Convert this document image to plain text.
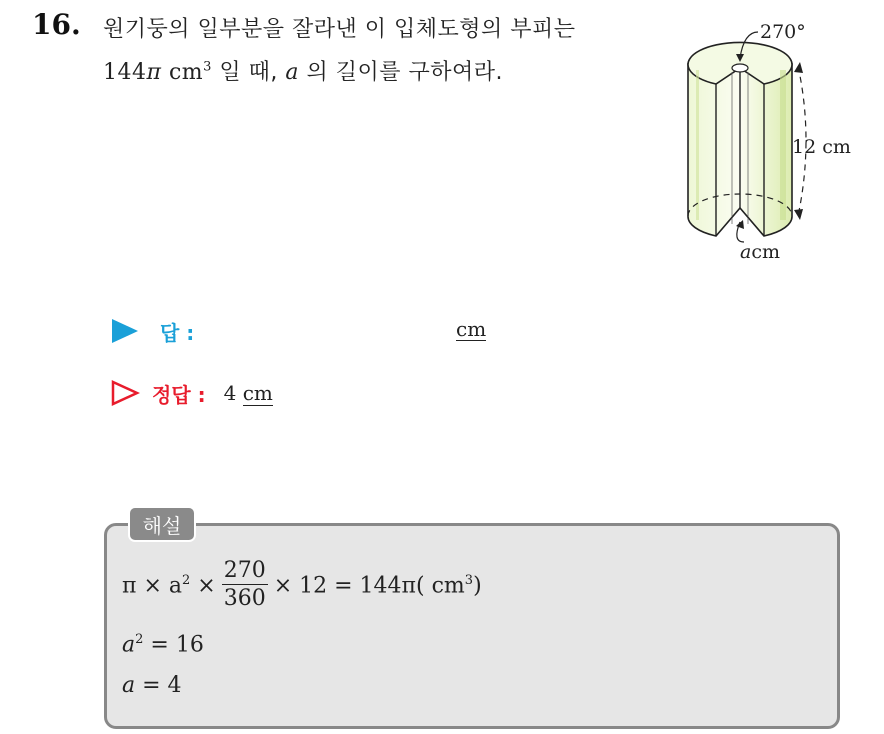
16. 원기둥의 일부분을 잘라낸 이 입체도형의 부피는
144π $cm^3$ 일 때, a 의 길이를 구하여라.
270°
12 cm
acm
답 :	cm
정답 : 4 cm
해설
$\pi \times a^2 \times \frac{270}{360} \times 12 = 144\pi$( $cm^3$)
$a^2 = 16$
a = 4
